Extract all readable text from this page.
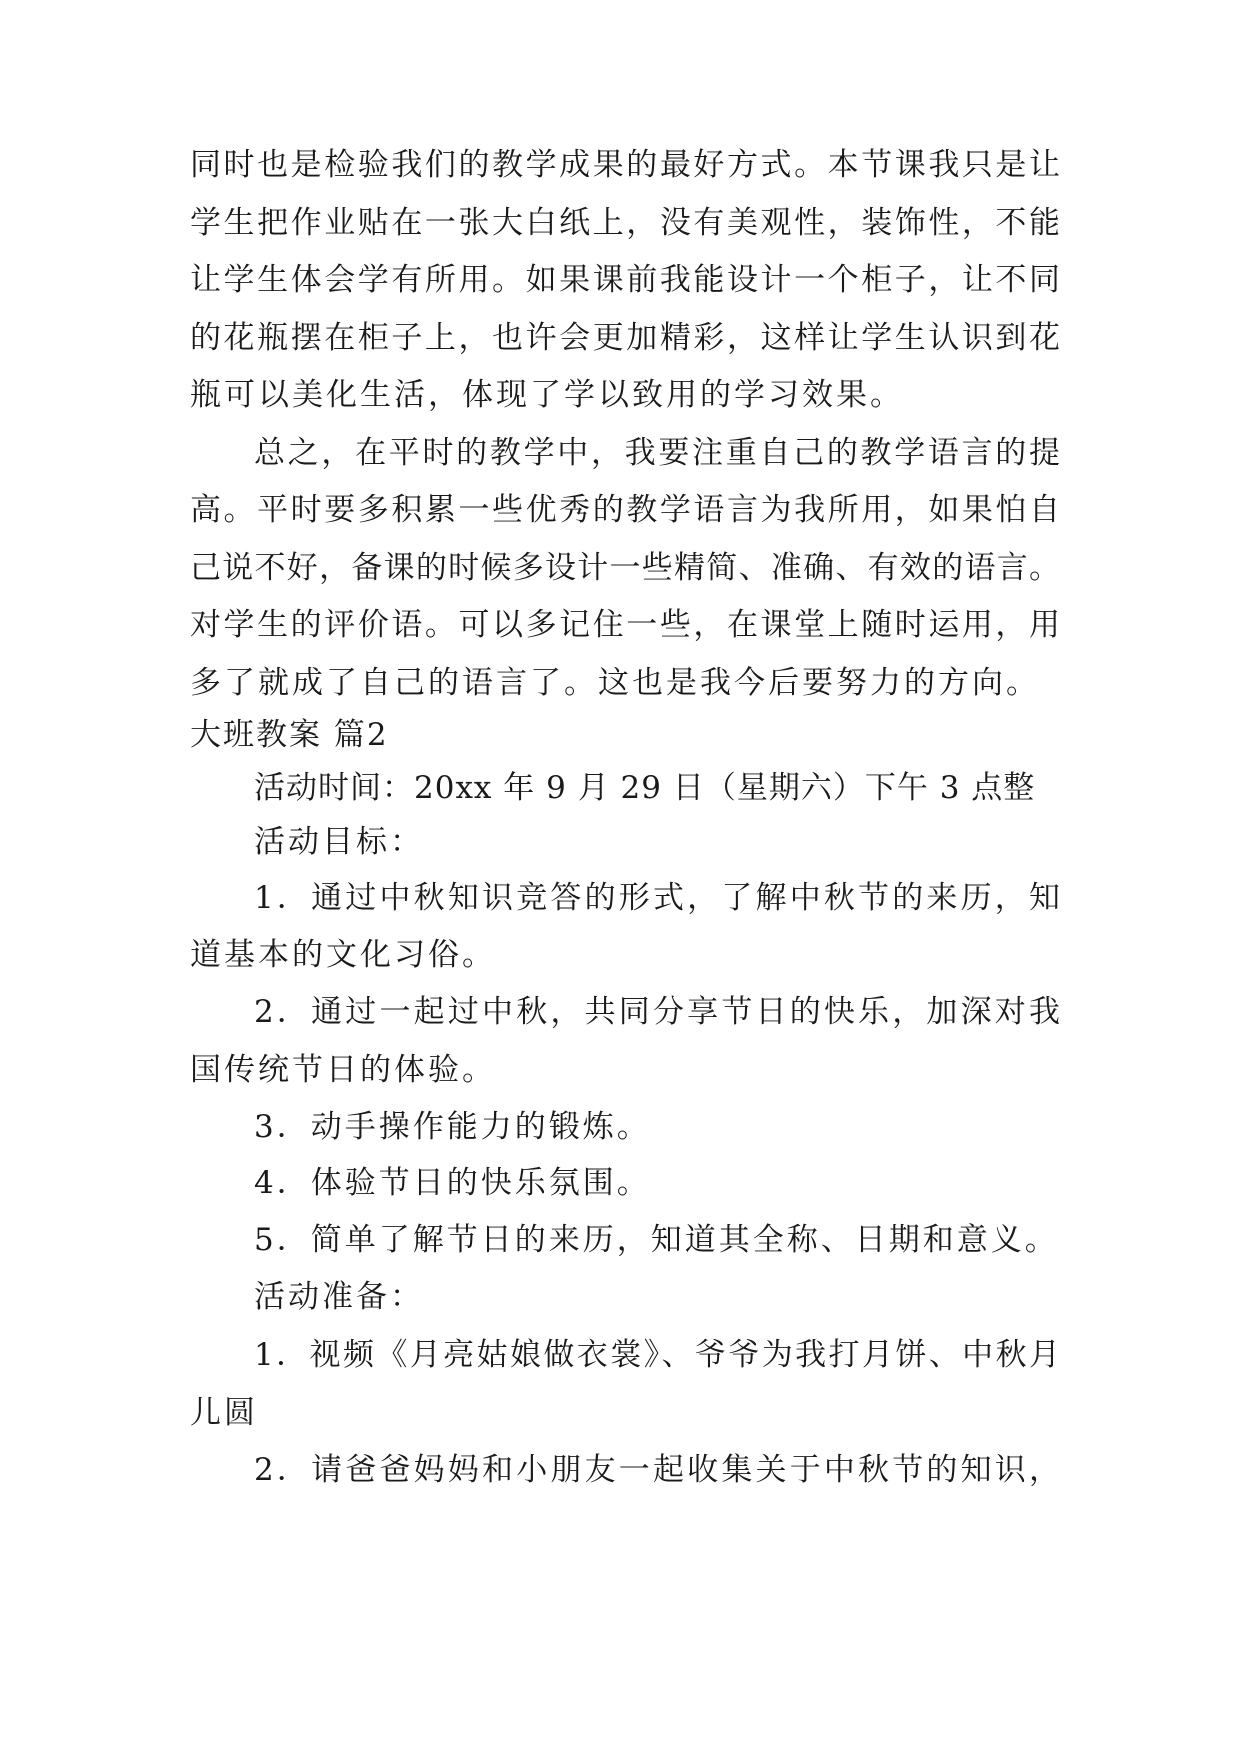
同时也是检验我们的教学成果的最好方式。本节课我只是让
学生把作业贴在一张大白纸上，没有美观性，装饰性，不能
让学生体会学有所用。如果课前我能设计一个柜子，让不同
的花瓶摆在柜子上，也许会更加精彩，这样让学生认识到花
瓶可以美化生活，体现了学以致用的学习效果。
总之，在平时的教学中，我要注重自己的教学语言的提
高。平时要多积累一些优秀的教学语言为我所用，如果怕自
己说不好，备课的时候多设计一些精简、准确、有效的语言。
对学生的评价语。可以多记住一些，在课堂上随时运用，用
多了就成了自己的语言了。这也是我今后要努力的方向。
大班教案 篇2
活动时间：20xx 年 9 月 29 日（星期六）下午 3 点整
活动目标：
1．通过中秋知识竞答的形式，了解中秋节的来历，知
道基本的文化习俗。
2．通过一起过中秋，共同分享节日的快乐，加深对我
国传统节日的体验。
3．动手操作能力的锻炼。
4．体验节日的快乐氛围。
5．简单了解节日的来历，知道其全称、日期和意义。
活动准备：
1．视频《月亮姑娘做衣裳》、爷爷为我打月饼、中秋月
儿圆
2．请爸爸妈妈和小朋友一起收集关于中秋节的知识，
